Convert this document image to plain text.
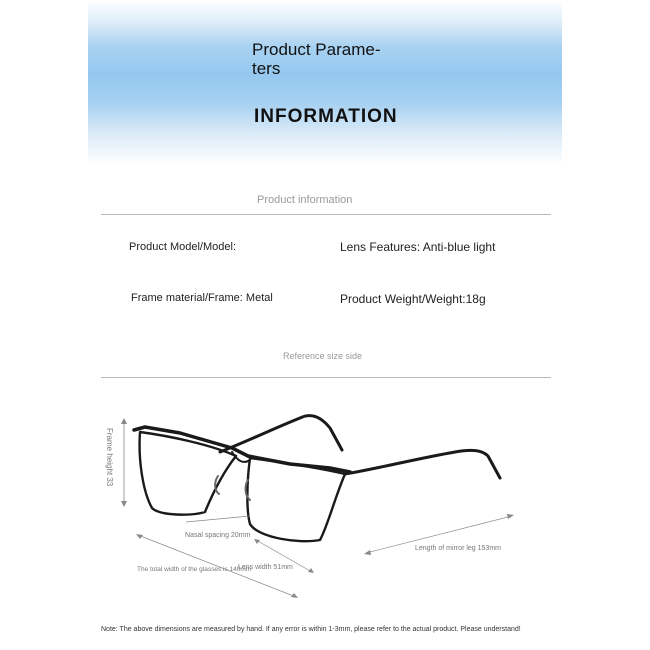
Product Parame-
ters
INFORMATION
Product information
Product Model/Model:	Lens Features: Anti-blue light
Frame material/Frame: Metal	Product Weight/Weight:18g
Reference size side
Frame height 33
Nasal spacing 20mm
Lens width 51mm
The total width of the glasses is 140mm
Length of mirror leg 153mm
Note: The above dimensions are measured by hand. If any error is within 1-3mm, please refer to the actual product. Please understand!
